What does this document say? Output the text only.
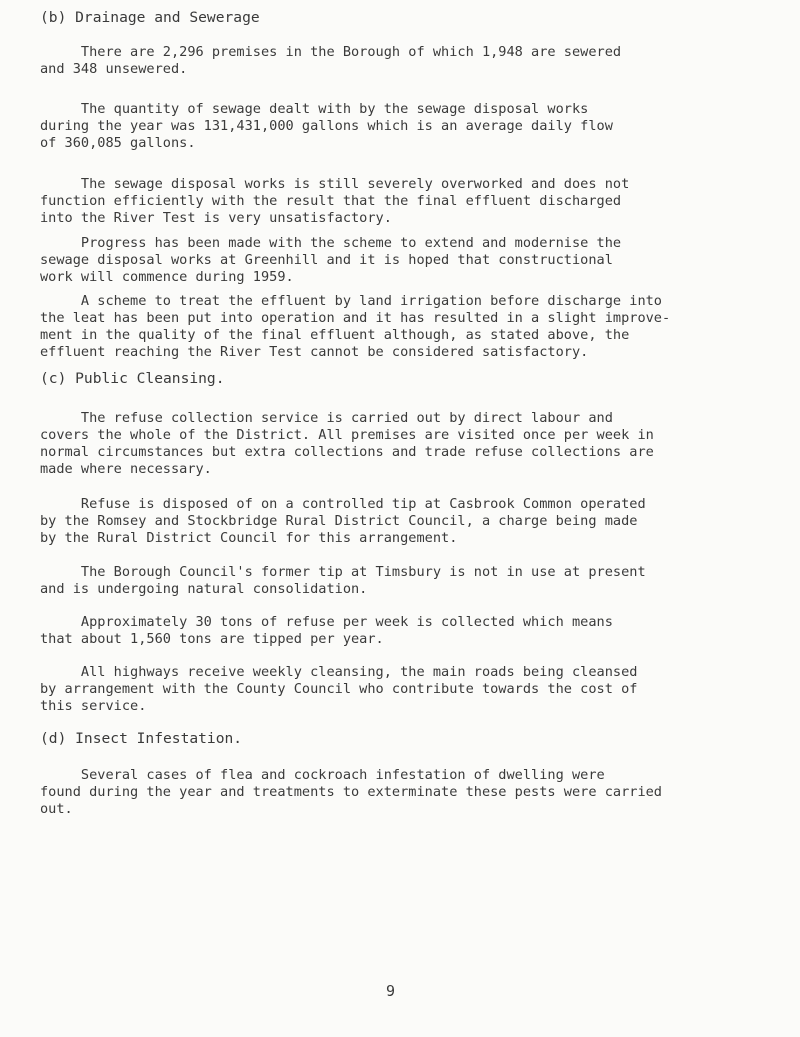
(b) Drainage and Sewerage

There are 2,296 premises in the Borough of which 1,948 are sewered
and 348 unsewered.

The quantity of sewage dealt with by the sewage disposal works
during the year was 131,431,000 gallons which is an average daily flow
of 360,085 gallons.

The sewage disposal works is still severely overworked and does not
function efficiently with the result that the final effluent discharged
into the River Test is very unsatisfactory.

Progress has been made with the scheme to extend and modernise the
sewage disposal works at Greenhill and it is hoped that constructional
work will commence during 1959.

A scheme to treat the effluent by land irrigation before discharge into
the leat has been put into operation and it has resulted in a slight improve-
ment in the quality of the final effluent although, as stated above, the
effluent reaching the River Test cannot be considered satisfactory.

(c) Public Cleansing.

The refuse collection service is carried out by direct labour and
covers the whole of the District. All premises are visited once per week in
normal circumstances but extra collections and trade refuse collections are
made where necessary.

Refuse is disposed of on a controlled tip at Casbrook Common operated
by the Romsey and Stockbridge Rural District Council, a charge being made
by the Rural District Council for this arrangement.

The Borough Council's former tip at Timsbury is not in use at present
and is undergoing natural consolidation.

Approximately 30 tons of refuse per week is collected which means
that about 1,560 tons are tipped per year.

All highways receive weekly cleansing, the main roads being cleansed
by arrangement with the County Council who contribute towards the cost of
this service.

(d) Insect Infestation.

Several cases of flea and cockroach infestation of dwelling were
found during the year and treatments to exterminate these pests were carried
out.

9
